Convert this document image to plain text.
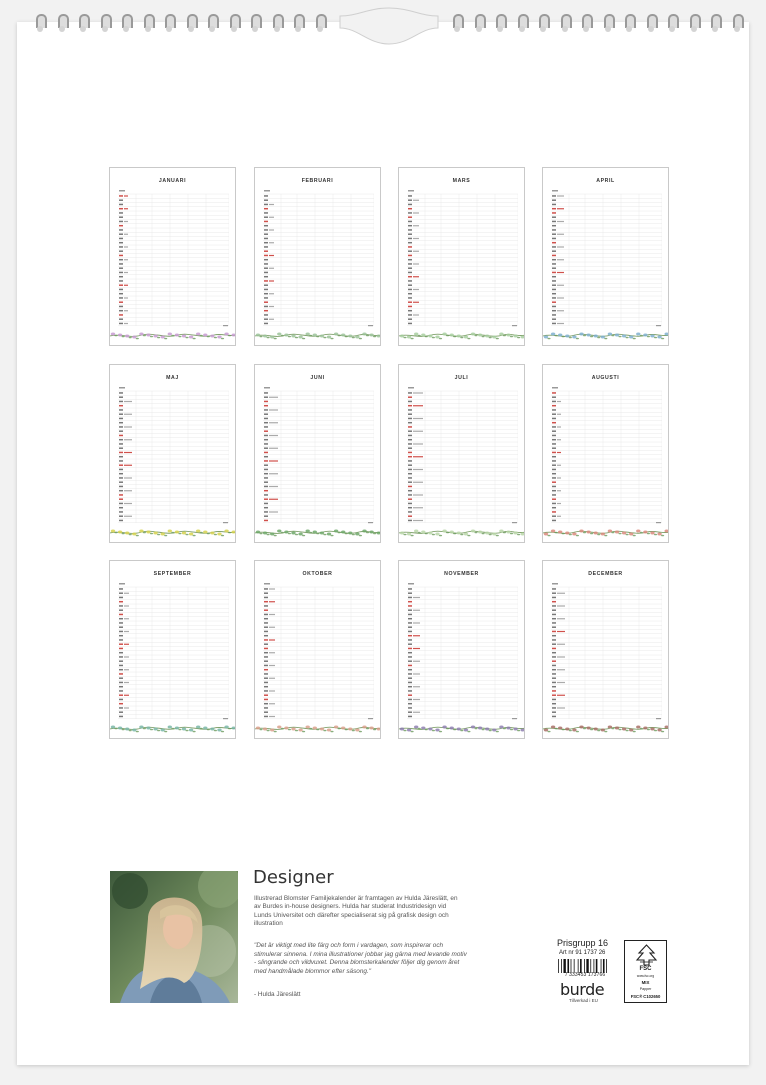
JANUARI	FEBRUARI	MARS	APRIL
MAJ	JUNI	JULI	AUGUSTI
SEPTEMBER	OKTOBER	NOVEMBER	DECEMBER
Designer
Illustrerad Blomster Familjekalender är framtagen av Hulda Järeslätt, en av Burdes in-house designers. Hulda har studerat Industridesign vid Lunds Universitet och därefter specialiserat sig på grafisk design och illustration
"Det är viktigt med lite färg och form i vardagen, som inspirerar och stimulerar sinnena. I mina illustrationer jobbar jag gärna med levande motiv - slingrande och vildvuxet. Denna blomsterkalender följer dig genom året med handmålade blommor efter säsong."
- Hulda Järeslätt
Prisgrupp 16
Art nr 91 1737 26
7 333453 173766
burde
Tillverkad i EU
FSC
www.fsc.org
MIX
Papper
FSC® C102650
